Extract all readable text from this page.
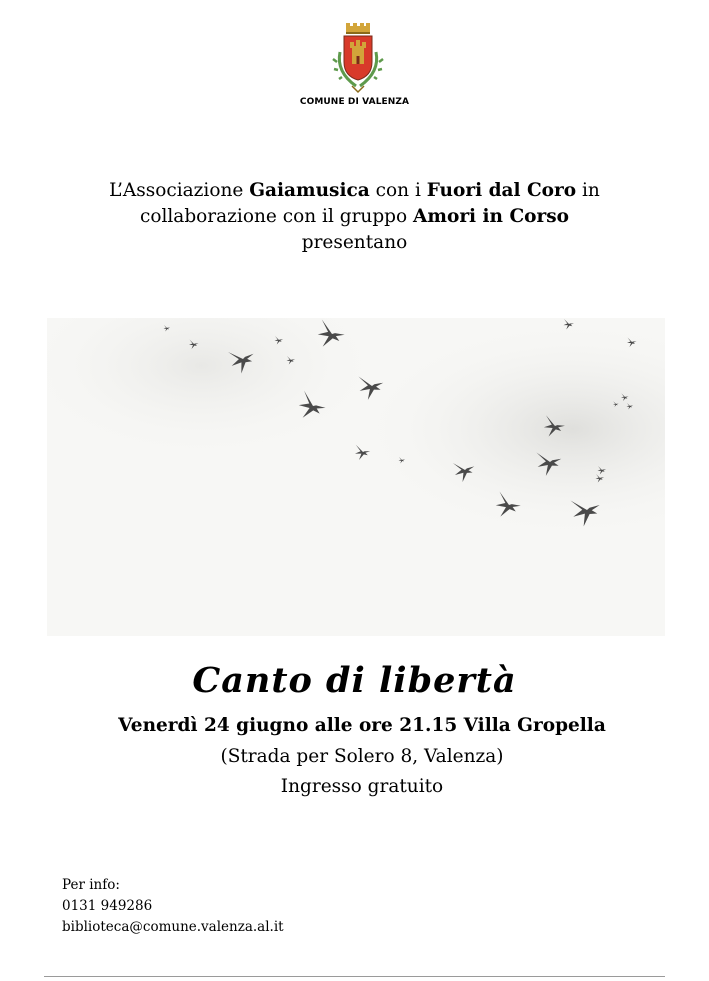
COMUNE DI VALENZA
L’Associazione Gaiamusica con i Fuori dal Coro in collaborazione con il gruppo Amori in Corso
presentano
Canto di libertà
Venerdì 24 giugno alle ore 21.15 Villa Gropella
(Strada per Solero 8, Valenza)
Ingresso gratuito
Per info:
0131 949286
biblioteca@comune.valenza.al.it
